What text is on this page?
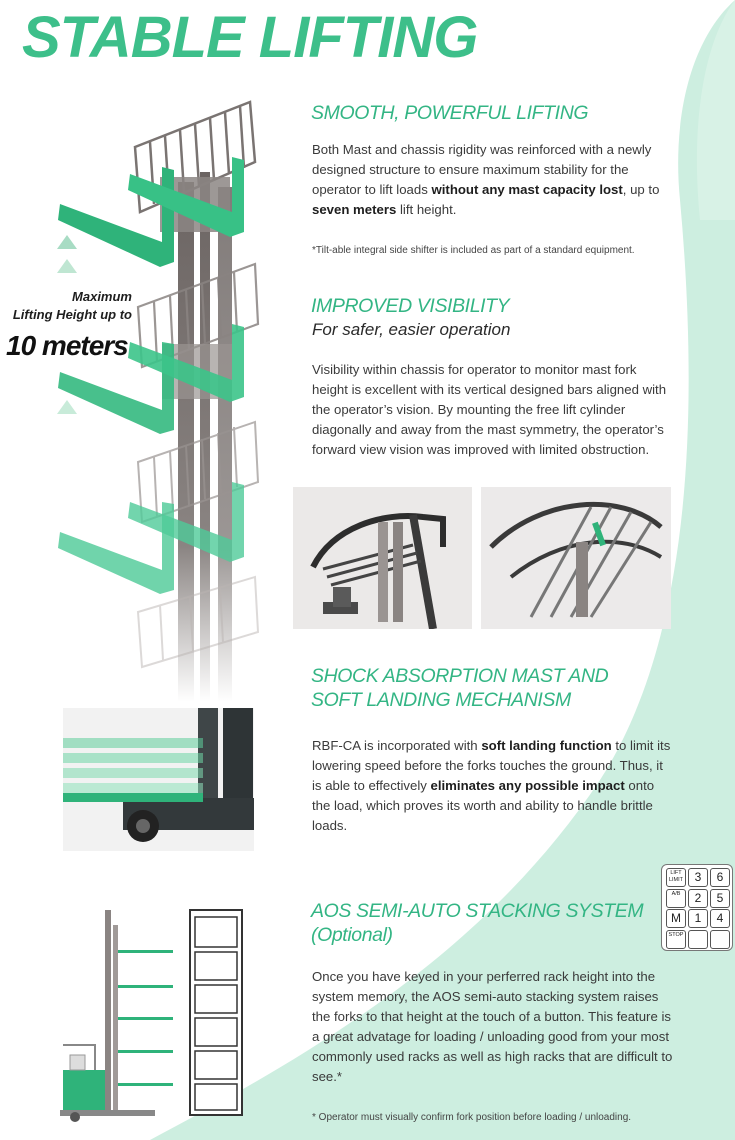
STABLE LIFTING
Maximum
Lifting Height up to
10 meters
SMOOTH, POWERFUL LIFTING

Both Mast and chassis rigidity was reinforced with a newly designed structure to ensure maximum stability for the operator to lift loads without any mast capacity lost, up to seven meters lift height.

*Tilt-able integral side shifter is included as part of a standard equipment.

IMPROVED VISIBILITY

For safer, easier operation

Visibility within chassis for operator to monitor mast fork height is excellent with its vertical designed bars aligned with the operator’s vision. By mounting the free lift cylinder diagonally and away from the mast symmetry, the operator’s forward view vision was improved with limited obstruction.

SHOCK ABSORPTION MAST AND
SOFT LANDING MECHANISM

RBF-CA is incorporated with soft landing function to limit its lowering speed before the forks touches the ground. Thus, it is able to effectively eliminates any possible impact onto the load, which proves its worth and ability to handle brittle loads.

AOS SEMI-AUTO STACKING SYSTEM
(Optional)

Once you have keyed in your perferred rack height into the system memory, the AOS semi-auto stacking system raises the forks to that height at the touch of a button. This feature is a great advatage for loading / unloading good from your most commonly used racks as well as high racks that are difficult to see.*

* Operator must visually confirm fork position before loading / unloading.

LIFT LIMIT 3	6
A/B	2	5
M	1	4
STOP
